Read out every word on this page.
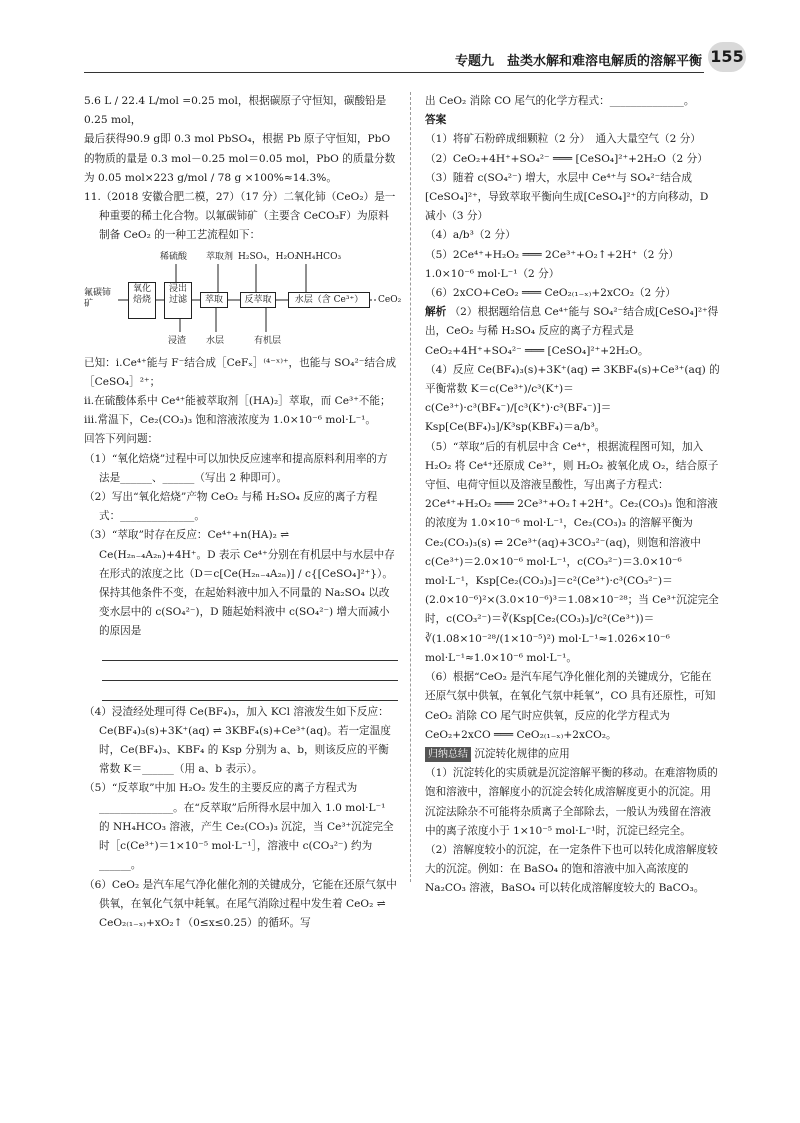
专题九　盐类水解和难溶电解质的溶解平衡 155

5.6 L / 22.4 L/mol =0.25 mol，根据碳原子守恒知，碳酸铅是0.25 mol，

最后获得90.9 g即 0.3 mol PbSO₄，根据 Pb 原子守恒知，PbO

的物质的量是 0.3 mol－0.25 mol＝0.05 mol，PbO 的质量分数

为 0.05 mol×223 g/mol / 78 g ×100%≈14.3%。

11.（2018 安徽合肥二模，27）（17 分）二氧化铈（CeO₂）是一种重要的稀土化合物。以氟碳铈矿（主要含 CeCO₃F）为原料制备 CeO₂ 的一种工艺流程如下：

稀硫酸 萃取剂 H₂SO₄，H₂O₂
NH₄HCO₃
氟碳铈矿
氧化焙烧
浸出过滤	萃取	反萃取	水层（含 Ce³⁺）	CeO₂
浸渣 水层	有机层

已知：ⅰ.Ce⁴⁺能与 F⁻结合成［CeFₓ］⁽⁴⁻ˣ⁾⁺，也能与 SO₄²⁻结合成［CeSO₄］²⁺；

ⅱ.在硫酸体系中 Ce⁴⁺能被萃取剂［(HA)₂］萃取，而 Ce³⁺不能；

ⅲ.常温下，Ce₂(CO₃)₃ 饱和溶液浓度为 1.0×10⁻⁶ mol·L⁻¹。

回答下列问题：

（1）“氧化焙烧”过程中可以加快反应速率和提高原料利用率的方法是______、______（写出 2 种即可）。

（2）写出“氧化焙烧”产物 CeO₂ 与稀 H₂SO₄ 反应的离子方程式：______________。

（3）“萃取”时存在反应：Ce⁴⁺+n(HA)₂ ⇌ Ce(H₂ₙ₋₄A₂ₙ)+4H⁺。D 表示 Ce⁴⁺分别在有机层中与水层中存在形式的浓度之比（D＝c[Ce(H₂ₙ₋₄A₂ₙ)] / c{[CeSO₄]²⁺}）。保持其他条件不变，在起始料液中加入不同量的 Na₂SO₄ 以改变水层中的 c(SO₄²⁻)，D 随起始料液中 c(SO₄²⁻) 增大而减小的原因是

（4）浸渣经处理可得 Ce(BF₄)₃，加入 KCl 溶液发生如下反应：Ce(BF₄)₃(s)+3K⁺(aq) ⇌ 3KBF₄(s)+Ce³⁺(aq)。若一定温度时，Ce(BF₄)₃、KBF₄ 的 Ksp 分别为 a、b，则该反应的平衡常数 K＝______（用 a、b 表示）。

（5）“反萃取”中加 H₂O₂ 发生的主要反应的离子方程式为______________。在“反萃取”后所得水层中加入 1.0 mol·L⁻¹ 的 NH₄HCO₃ 溶液，产生 Ce₂(CO₃)₃ 沉淀，当 Ce³⁺沉淀完全时［c(Ce³⁺)＝1×10⁻⁵ mol·L⁻¹］，溶液中 c(CO₃²⁻) 约为______。

（6）CeO₂ 是汽车尾气净化催化剂的关键成分，它能在还原气氛中供氧，在氧化气氛中耗氧。在尾气消除过程中发生着 CeO₂ ⇌ CeO₂₍₁₋ₓ₎+xO₂↑（0≤x≤0.25）的循环。写

出 CeO₂ 消除 CO 尾气的化学方程式：______________。

答案 （1）将矿石粉碎成细颗粒（2 分）　通入大量空气（2 分）

（2）CeO₂+4H⁺+SO₄²⁻ ═══ [CeSO₄]²⁺+2H₂O（2 分）

（3）随着 c(SO₄²⁻) 增大，水层中 Ce⁴⁺与 SO₄²⁻结合成[CeSO₄]²⁺，导致萃取平衡向生成[CeSO₄]²⁺的方向移动，D 减小（3 分）

（4）a/b³（2 分）

（5）2Ce⁴⁺+H₂O₂ ═══ 2Ce³⁺+O₂↑+2H⁺（2 分）

1.0×10⁻⁶ mol·L⁻¹（2 分）

（6）2xCO+CeO₂ ═══ CeO₂₍₁₋ₓ₎+2xCO₂（2 分）

解析 （2）根据题给信息 Ce⁴⁺能与 SO₄²⁻结合成[CeSO₄]²⁺得出，CeO₂ 与稀 H₂SO₄ 反应的离子方程式是 CeO₂+4H⁺+SO₄²⁻ ═══ [CeSO₄]²⁺+2H₂O。

（4）反应 Ce(BF₄)₃(s)+3K⁺(aq) ⇌ 3KBF₄(s)+Ce³⁺(aq) 的平衡常数 K＝c(Ce³⁺)/c³(K⁺)＝c(Ce³⁺)·c³(BF₄⁻)/[c³(K⁺)·c³(BF₄⁻)]＝Ksp[Ce(BF₄)₃]/K³sp(KBF₄)＝a/b³。

（5）“萃取”后的有机层中含 Ce⁴⁺，根据流程图可知，加入 H₂O₂ 将 Ce⁴⁺还原成 Ce³⁺，则 H₂O₂ 被氧化成 O₂，结合原子守恒、电荷守恒以及溶液呈酸性，写出离子方程式：2Ce⁴⁺+H₂O₂ ═══ 2Ce³⁺+O₂↑+2H⁺。Ce₂(CO₃)₃ 饱和溶液的浓度为 1.0×10⁻⁶ mol·L⁻¹，Ce₂(CO₃)₃ 的溶解平衡为 Ce₂(CO₃)₃(s) ⇌ 2Ce³⁺(aq)+3CO₃²⁻(aq)，则饱和溶液中 c(Ce³⁺)＝2.0×10⁻⁶ mol·L⁻¹，c(CO₃²⁻)＝3.0×10⁻⁶ mol·L⁻¹，Ksp[Ce₂(CO₃)₃]＝c²(Ce³⁺)·c³(CO₃²⁻)＝(2.0×10⁻⁶)²×(3.0×10⁻⁶)³＝1.08×10⁻²⁸；当 Ce³⁺沉淀完全时，c(CO₃²⁻)＝∛(Ksp[Ce₂(CO₃)₃]/c²(Ce³⁺))＝∛(1.08×10⁻²⁸/(1×10⁻⁵)²) mol·L⁻¹≈1.026×10⁻⁶ mol·L⁻¹≈1.0×10⁻⁶ mol·L⁻¹。

（6）根据“CeO₂ 是汽车尾气净化催化剂的关键成分，它能在还原气氛中供氧，在氧化气氛中耗氧”，CO 具有还原性，可知 CeO₂ 消除 CO 尾气时应供氧，反应的化学方程式为 CeO₂+2xCO ═══ CeO₂₍₁₋ₓ₎+2xCO₂。

归纳总结 沉淀转化规律的应用

（1）沉淀转化的实质就是沉淀溶解平衡的移动。在难溶物质的饱和溶液中，溶解度小的沉淀会转化成溶解度更小的沉淀。用沉淀法除杂不可能将杂质离子全部除去，一般认为残留在溶液中的离子浓度小于 1×10⁻⁵ mol·L⁻¹时，沉淀已经完全。

（2）溶解度较小的沉淀，在一定条件下也可以转化成溶解度较大的沉淀。例如：在 BaSO₄ 的饱和溶液中加入高浓度的 Na₂CO₃ 溶液，BaSO₄ 可以转化成溶解度较大的 BaCO₃。
